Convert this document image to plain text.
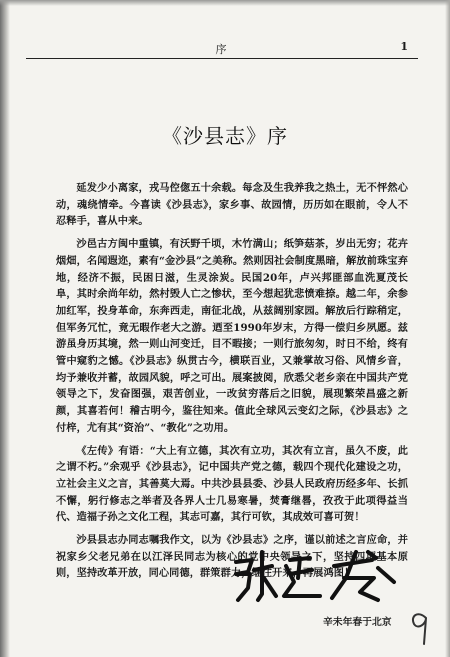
序	1
《沙县志》序

延发少小离家，戎马倥偬五十余载。每念及生我养我之热土，无不怦然心动，魂绕情牵。今喜读《沙县志》，家乡事、故园情，历历如在眼前，令人不忍释手，喜从中来。

沙邑古方闽中重镇，有沃野千顷，木竹满山；纸笋菇茶，岁出无穷；花卉烟畑，名闻遐迩，素有“金沙县”之美称。然则因社会制度黑暗，解放前珠宝弃地，经济不振，民困日滋，生灵涂炭。民国20年，卢兴邦匪部血洗夏茂长阜，其时余尚年幼，然村毁人亡之惨状，至今想起犹悲愤难捺。越二年，余参加红军，投身革命，东奔西走，南征北战，从兹阔别家园。解放后行踪稍定，但军务冗忙，竟无暇作老大之游。迺至1990年岁末，方得一偿归乡夙愿。兹游虽身历其境，然一则山河变迁，目不暇接；一则行旅匆匆，时日不给，终有管中窥豹之憾。《沙县志》纵贯古今，横联百业，又兼掌故习俗、风情乡音，均予兼收并蓄，故园风貌，呼之可出。展案披阅，欣悉父老乡亲在中国共产党领导之下，发奋图强，艰苦创业，一改贫穷落后之旧貌，展现繁荣昌盛之新颜，其喜若何！稽古明今，鉴往知来。值此全球风云变幻之际，《沙县志》之付梓，尤有其“资治”、“教化”之功用。

《左传》有语：“大上有立德，其次有立功，其次有立言，虽久不废，此之谓不朽。”余观乎《沙县志》，记中国共产党之德，载四个现代化建设之功，立社会主义之言，其善莫大焉。中共沙县县委、沙县人民政府历经多年、长抓不懈，躬行修志之举者及各界人士几易寒暑，焚膏继晷，孜孜于此项得益当代、造福子孙之文化工程，其志可嘉，其行可钦，其成效可喜可贺！

沙县县志办同志嘱我作文，以为《沙县志》之序，谨以前述之言应命，并祝家乡父老兄弟在以江泽民同志为核心的党中央领导之下，坚持四项基本原则，坚持改革开放，同心同德，群策群力，继往开来，再展鸿图！

辛未年春于北京
